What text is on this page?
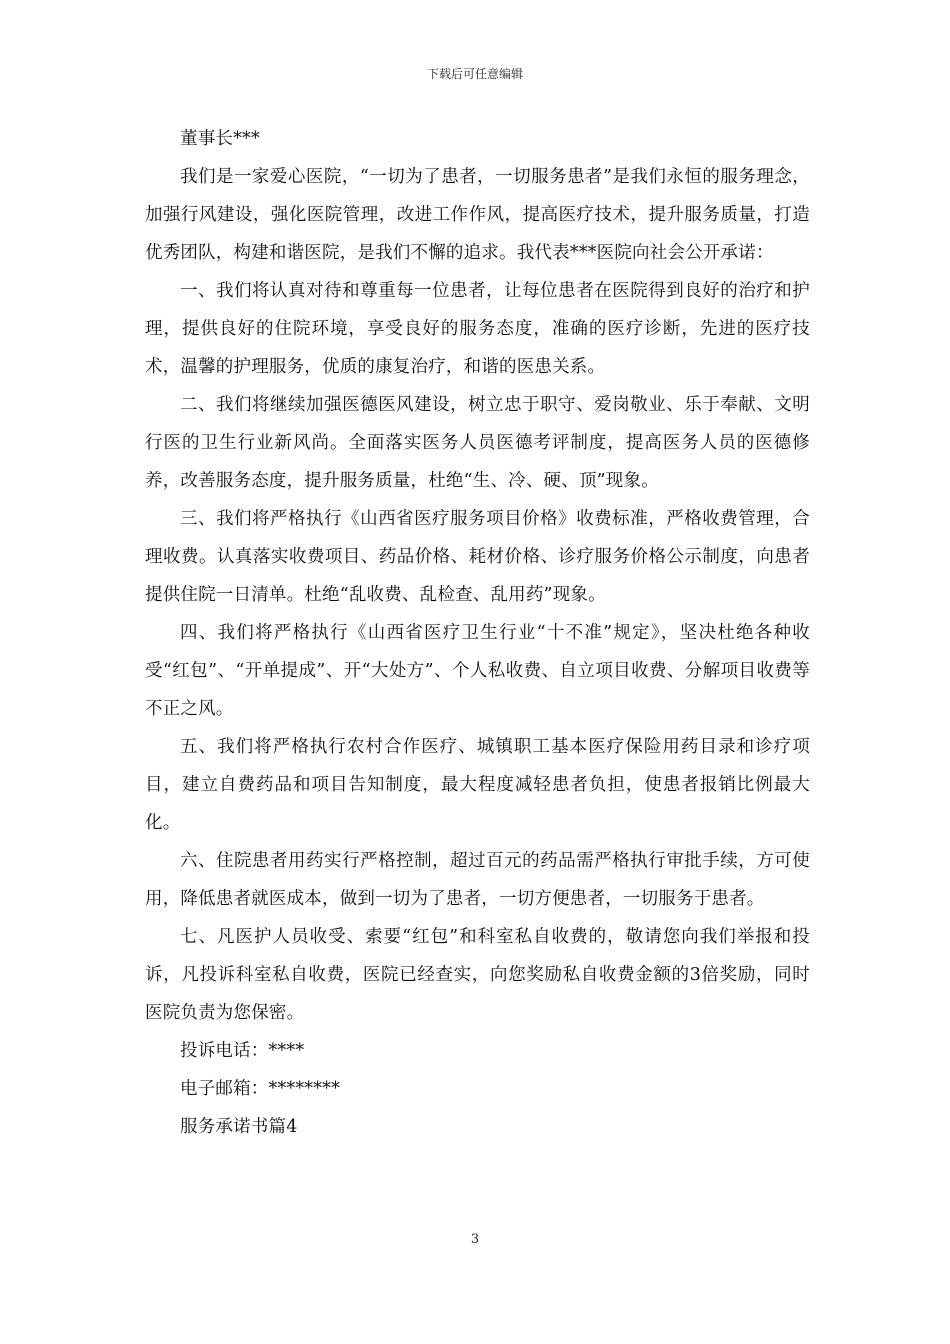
下载后可任意编辑

董事长***

我们是一家爱心医院，“一切为了患者，一切服务患者”是我们永恒的服务理念，加强行风建设，强化医院管理，改进工作作风，提高医疗技术，提升服务质量，打造优秀团队，构建和谐医院，是我们不懈的追求。我代表***医院向社会公开承诺：

一、我们将认真对待和尊重每一位患者，让每位患者在医院得到良好的治疗和护理，提供良好的住院环境，享受良好的服务态度，准确的医疗诊断，先进的医疗技术，温馨的护理服务，优质的康复治疗，和谐的医患关系。

二、我们将继续加强医德医风建设，树立忠于职守、爱岗敬业、乐于奉献、文明行医的卫生行业新风尚。全面落实医务人员医德考评制度，提高医务人员的医德修养，改善服务态度，提升服务质量，杜绝“生、冷、硬、顶”现象。

三、我们将严格执行《山西省医疗服务项目价格》收费标准，严格收费管理，合理收费。认真落实收费项目、药品价格、耗材价格、诊疗服务价格公示制度，向患者提供住院一日清单。杜绝“乱收费、乱检查、乱用药”现象。

四、我们将严格执行《山西省医疗卫生行业“十不准”规定》，坚决杜绝各种收受“红包”、“开单提成”、开“大处方”、个人私收费、自立项目收费、分解项目收费等不正之风。

五、我们将严格执行农村合作医疗、城镇职工基本医疗保险用药目录和诊疗项目，建立自费药品和项目告知制度，最大程度减轻患者负担，使患者报销比例最大化。

六、住院患者用药实行严格控制，超过百元的药品需严格执行审批手续，方可使用，降低患者就医成本，做到一切为了患者，一切方便患者，一切服务于患者。

七、凡医护人员收受、索要“红包”和科室私自收费的，敬请您向我们举报和投诉，凡投诉科室私自收费，医院已经查实，向您奖励私自收费金额的3倍奖励，同时医院负责为您保密。

投诉电话：****

电子邮箱：********

服务承诺书篇4

3
